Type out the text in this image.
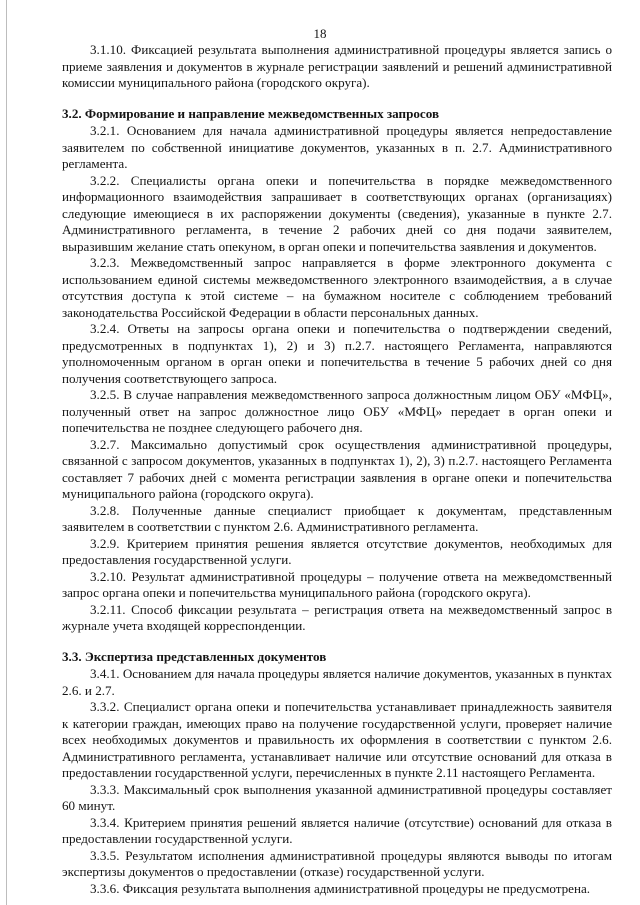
18

3.1.10. Фиксацией результата выполнения административной процедуры является запись о приеме заявления и документов в журнале регистрации заявлений и решений административной комиссии муниципального района (городского округа).

3.2. Формирование и направление межведомственных запросов

3.2.1. Основанием для начала административной процедуры является непредоставление заявителем по собственной инициативе документов, указанных в п. 2.7. Административного регламента.

3.2.2. Специалисты органа опеки и попечительства в порядке межведомственного информационного взаимодействия запрашивает в соответствующих органах (организациях) следующие имеющиеся в их распоряжении документы (сведения), указанные в пункте 2.7. Административного регламента, в течение 2 рабочих дней со дня подачи заявителем, выразившим желание стать опекуном, в орган опеки и попечительства заявления и документов.

3.2.3. Межведомственный запрос направляется в форме электронного документа с использованием единой системы межведомственного электронного взаимодействия, а в случае отсутствия доступа к этой системе – на бумажном носителе с соблюдением требований законодательства Российской Федерации в области персональных данных.

3.2.4. Ответы на запросы органа опеки и попечительства о подтверждении сведений, предусмотренных в подпунктах 1), 2) и 3) п.2.7. настоящего Регламента, направляются уполномоченным органом в орган опеки и попечительства в течение 5 рабочих дней со дня получения соответствующего запроса.

3.2.5. В случае направления межведомственного запроса должностным лицом ОБУ «МФЦ», полученный ответ на запрос должностное лицо ОБУ «МФЦ» передает в орган опеки и попечительства не позднее следующего рабочего дня.

3.2.7. Максимально допустимый срок осуществления административной процедуры, связанной с запросом документов, указанных в подпунктах 1), 2), 3) п.2.7. настоящего Регламента составляет 7 рабочих дней с момента регистрации заявления в органе опеки и попечительства муниципального района (городского округа).

3.2.8. Полученные данные специалист приобщает к документам, представленным заявителем в соответствии с пунктом 2.6. Административного регламента.

3.2.9. Критерием принятия решения является отсутствие документов, необходимых для предоставления государственной услуги.

3.2.10. Результат административной процедуры – получение ответа на межведомственный запрос органа опеки и попечительства муниципального района (городского округа).

3.2.11. Способ фиксации результата – регистрация ответа на межведомственный запрос в журнале учета входящей корреспонденции.

3.3. Экспертиза представленных документов

3.4.1. Основанием для начала процедуры является наличие документов, указанных в пунктах 2.6. и 2.7.

3.3.2. Специалист органа опеки и попечительства устанавливает принадлежность заявителя к категории граждан, имеющих право на получение государственной услуги, проверяет наличие всех необходимых документов и правильность их оформления в соответствии с пунктом 2.6. Административного регламента, устанавливает наличие или отсутствие оснований для отказа в предоставлении государственной услуги, перечисленных в пункте 2.11 настоящего Регламента.

3.3.3. Максимальный срок выполнения указанной административной процедуры составляет 60 минут.

3.3.4. Критерием принятия решений является наличие (отсутствие) оснований для отказа в предоставлении государственной услуги.

3.3.5. Результатом исполнения административной процедуры являются выводы по итогам экспертизы документов о предоставлении (отказе) государственной услуги.

3.3.6. Фиксация результата выполнения административной процедуры не предусмотрена.
